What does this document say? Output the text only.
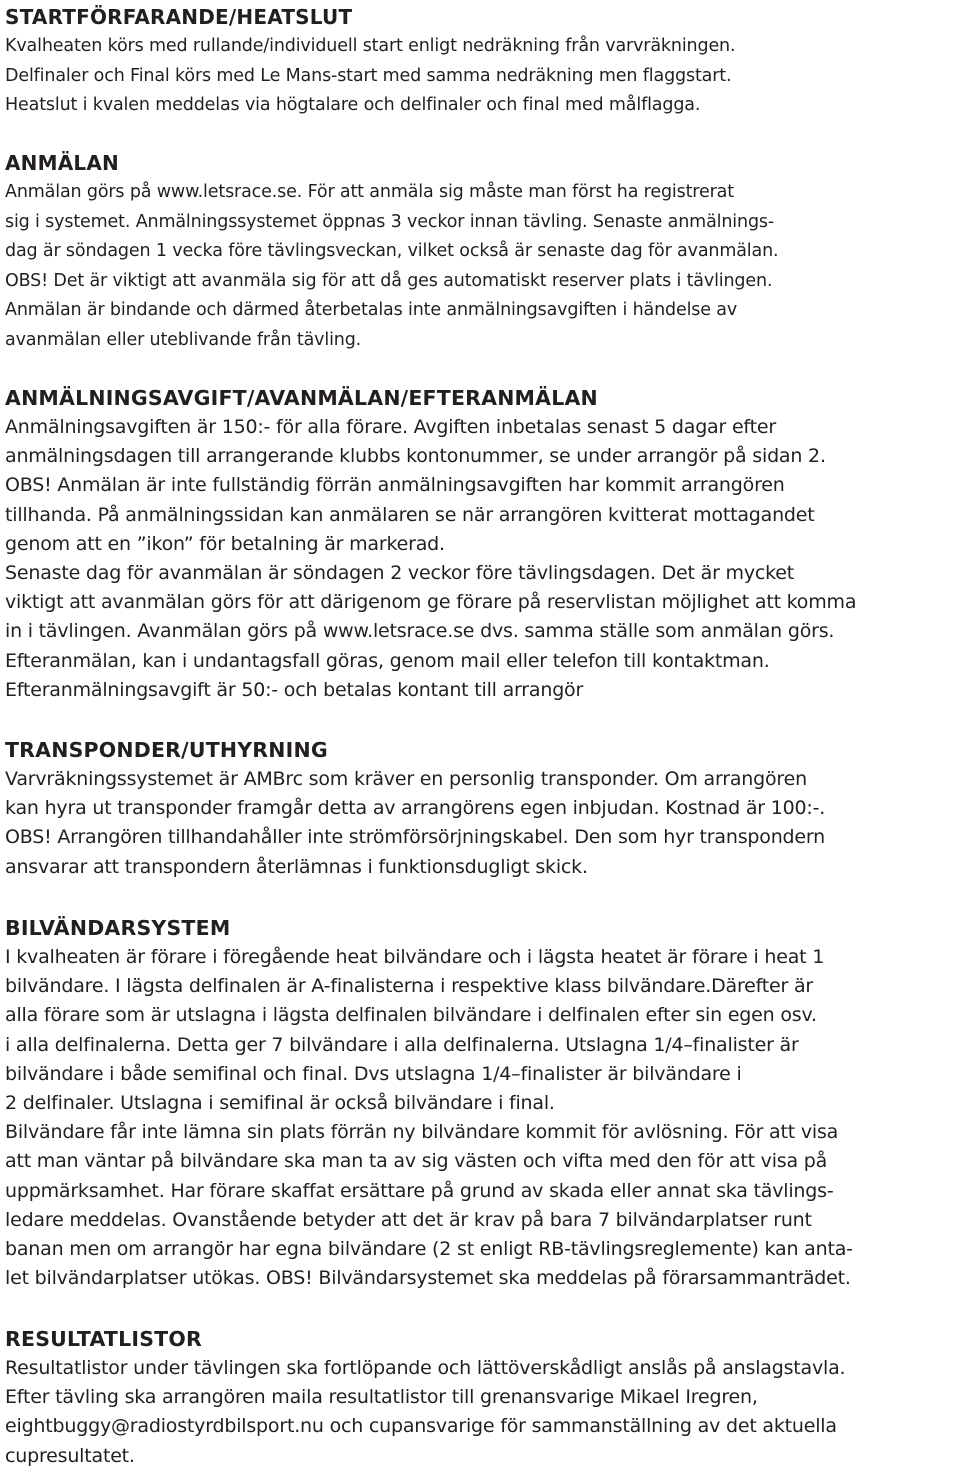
STARTFÖRFARANDE/HEATSLUT
Kvalheaten körs med rullande/individuell start enligt nedräkning från varvräkningen.
Delfinaler och Final körs med Le Mans-start med samma nedräkning men flaggstart.
Heatslut i kvalen meddelas via högtalare och delfinaler och final med målflagga.
ANMÄLAN
Anmälan görs på www.letsrace.se. För att anmäla sig måste man först ha registrerat
sig i systemet. Anmälningssystemet öppnas 3 veckor innan tävling. Senaste anmälnings-
dag är söndagen 1 vecka före tävlingsveckan, vilket också är senaste dag för avanmälan.
OBS! Det är viktigt att avanmäla sig för att då ges automatiskt reserver plats i tävlingen.
Anmälan är bindande och därmed återbetalas inte anmälningsavgiften i händelse av
avanmälan eller uteblivande från tävling.
ANMÄLNINGSAVGIFT/AVANMÄLAN/EFTERANMÄLAN
Anmälningsavgiften är 150:- för alla förare. Avgiften inbetalas senast 5 dagar efter
anmälningsdagen till arrangerande klubbs kontonummer, se under arrangör på sidan 2.
OBS! Anmälan är inte fullständig förrän anmälningsavgiften har kommit arrangören
tillhanda. På anmälningssidan kan anmälaren se när arrangören kvitterat mottagandet
genom att en ”ikon” för betalning är markerad.
Senaste dag för avanmälan är söndagen 2 veckor före tävlingsdagen. Det är mycket
viktigt att avanmälan görs för att därigenom ge förare på reservlistan möjlighet att komma
in i tävlingen. Avanmälan görs på www.letsrace.se dvs. samma ställe som anmälan görs.
Efteranmälan, kan i undantagsfall göras, genom mail eller telefon till kontaktman.
Efteranmälningsavgift är 50:- och betalas kontant till arrangör
TRANSPONDER/UTHYRNING
Varvräkningssystemet är AMBrc som kräver en personlig transponder. Om arrangören
kan hyra ut transponder framgår detta av arrangörens egen inbjudan. Kostnad är 100:-.
OBS! Arrangören tillhandahåller inte strömförsörjningskabel. Den som hyr transpondern
ansvarar att transpondern återlämnas i funktionsdugligt skick.
BILVÄNDARSYSTEM
I kvalheaten är förare i föregående heat bilvändare och i lägsta heatet är förare i heat 1
bilvändare. I lägsta delfinalen är A-finalisterna i respektive klass bilvändare.Därefter är
alla förare som är utslagna i lägsta delfinalen bilvändare i delfinalen efter sin egen osv.
i alla delfinalerna. Detta ger 7 bilvändare i alla delfinalerna. Utslagna 1/4–finalister är
bilvändare i både semifinal och final. Dvs utslagna 1/4–finalister är bilvändare i
2 delfinaler. Utslagna i semifinal är också bilvändare i final.
Bilvändare får inte lämna sin plats förrän ny bilvändare kommit för avlösning. För att visa
att man väntar på bilvändare ska man ta av sig västen och vifta med den för att visa på
uppmärksamhet. Har förare skaffat ersättare på grund av skada eller annat ska tävlings-
ledare meddelas. Ovanstående betyder att det är krav på bara 7 bilvändarplatser runt
banan men om arrangör har egna bilvändare (2 st enligt RB-tävlingsreglemente) kan anta-
let bilvändarplatser utökas. OBS! Bilvändarsystemet ska meddelas på förarsammanträdet.
RESULTATLISTOR
Resultatlistor under tävlingen ska fortlöpande och lättöverskådligt anslås på anslagstavla.
Efter tävling ska arrangören maila resultatlistor till grenansvarige Mikael Iregren,
eightbuggy@radiostyrdbilsport.nu och cupansvarige för sammanställning av det aktuella
cupresultatet.
